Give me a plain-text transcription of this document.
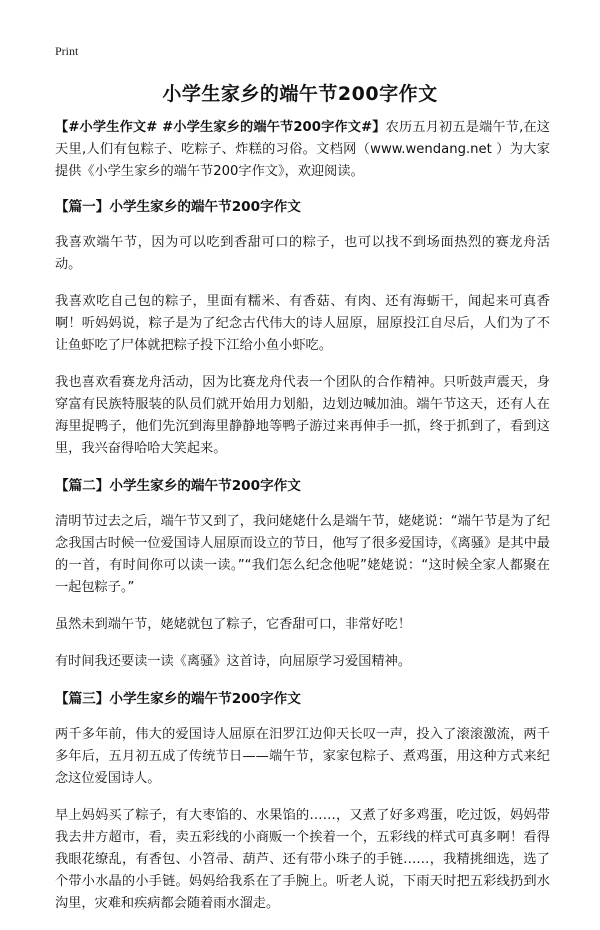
Print
小学生家乡的端午节200字作文

【#小学生作文# #小学生家乡的端午节200字作文#】农历五月初五是端午节,在这天里,人们有包粽子、吃粽子、炸糕的习俗。文档网（www.wendang.net ）为大家提供《小学生家乡的端午节200字作文》，欢迎阅读。

【篇一】小学生家乡的端午节200字作文

我喜欢端午节，因为可以吃到香甜可口的粽子，也可以找不到场面热烈的赛龙舟活动。

我喜欢吃自己包的粽子，里面有糯米、有香菇、有肉、还有海蛎干，闻起来可真香啊！听妈妈说，粽子是为了纪念古代伟大的诗人屈原，屈原投江自尽后，人们为了不让鱼虾吃了尸体就把粽子投下江给小鱼小虾吃。

我也喜欢看赛龙舟活动，因为比赛龙舟代表一个团队的合作精神。只听鼓声震天，身穿富有民族特服装的队员们就开始用力划船，边划边喊加油。端午节这天，还有人在海里捉鸭子，他们先沉到海里静静地等鸭子游过来再伸手一抓，终于抓到了，看到这里，我兴奋得哈哈大笑起来。

【篇二】小学生家乡的端午节200字作文

清明节过去之后，端午节又到了，我问姥姥什么是端午节，姥姥说：“端午节是为了纪念我国古时候一位爱国诗人屈原而设立的节日，他写了很多爱国诗，《离骚》是其中最的一首，有时间你可以读一读。”“我们怎么纪念他呢”姥姥说：“这时候全家人都聚在一起包粽子。”

虽然未到端午节，姥姥就包了粽子，它香甜可口，非常好吃！

有时间我还要读一读《离骚》这首诗，向屈原学习爱国精神。

【篇三】小学生家乡的端午节200字作文

两千多年前，伟大的爱国诗人屈原在汨罗江边仰天长叹一声，投入了滚滚激流，两千多年后，五月初五成了传统节日——端午节，家家包粽子、煮鸡蛋，用这种方式来纪念这位爱国诗人。

早上妈妈买了粽子，有大枣馅的、水果馅的……，又煮了好多鸡蛋，吃过饭，妈妈带我去井方超市，看，卖五彩线的小商贩一个挨着一个，五彩线的样式可真多啊！看得我眼花缭乱，有香包、小笤帚、葫芦、还有带小珠子的手链……，我精挑细选，选了个带小水晶的小手链。妈妈给我系在了手腕上。听老人说，下雨天时把五彩线扔到水沟里，灾难和疾病都会随着雨水溜走。
